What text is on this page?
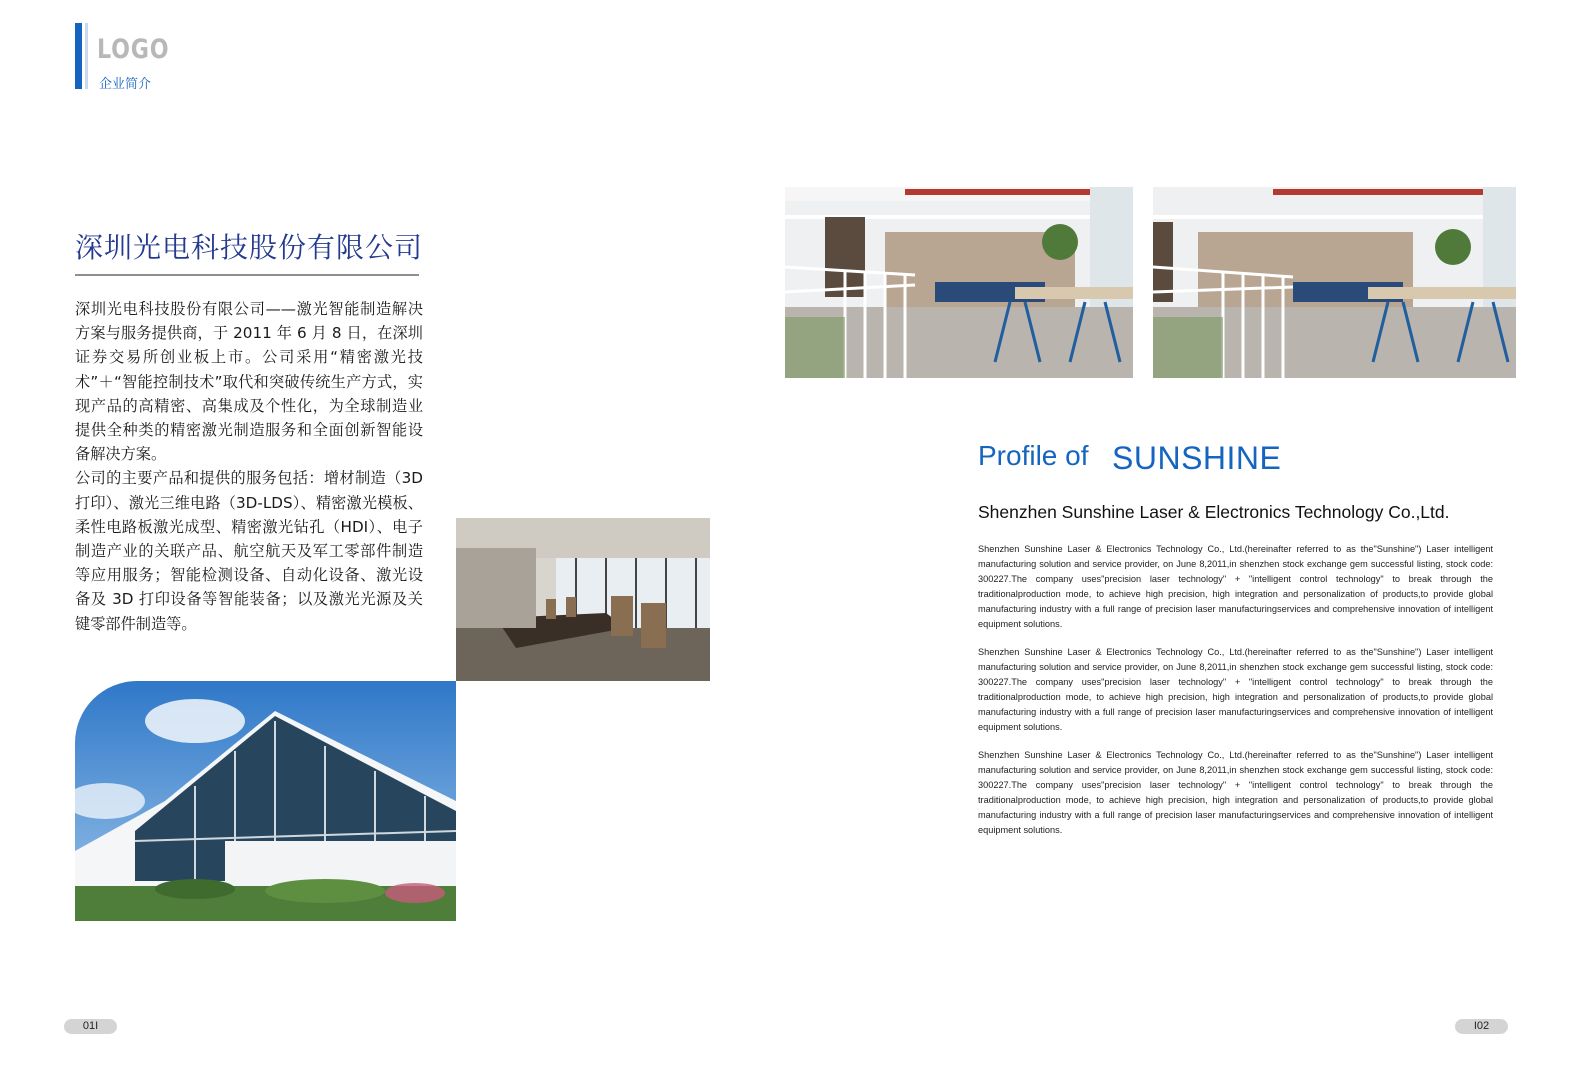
LOGO
企业简介
深圳光电科技股份有限公司

深圳光电科技股份有限公司——激光智能制造解决方案与服务提供商，于 2011 年 6 月 8 日，在深圳证券交易所创业板上市。公司采用“精密激光技术”＋“智能控制技术”取代和突破传统生产方式，实现产品的高精密、高集成及个性化，为全球制造业提供全种类的精密激光制造服务和全面创新智能设备解决方案。

公司的主要产品和提供的服务包括：增材制造（3D 打印）、激光三维电路（3D-LDS）、精密激光模板、柔性电路板激光成型、精密激光钻孔（HDI）、电子制造产业的关联产品、航空航天及军工零部件制造等应用服务；智能检测设备、自动化设备、激光设备及 3D 打印设备等智能装备；以及激光光源及关键零部件制造等。

Profile of SUNSHINE
Shenzhen Sunshine Laser & Electronics Technology Co.,Ltd.
Shenzhen Sunshine Laser & Electronics Technology Co., Ltd.(hereinafter referred to as the"Sunshine") Laser intelligent manufacturing solution and service provider, on June 8,2011,in shenzhen stock exchange gem successful listing, stock code: 300227.The company uses"precision laser technology" + "intelligent control technology" to break through the traditionalproduction mode, to achieve high precision, high integration and personalization of products,to provide global manufacturing industry with a full range of precision laser manufacturingservices and comprehensive innovation of intelligent equipment solutions.
Shenzhen Sunshine Laser & Electronics Technology Co., Ltd.(hereinafter referred to as the"Sunshine") Laser intelligent manufacturing solution and service provider, on June 8,2011,in shenzhen stock exchange gem successful listing, stock code: 300227.The company uses"precision laser technology" + "intelligent control technology" to break through the traditionalproduction mode, to achieve high precision, high integration and personalization of products,to provide global manufacturing industry with a full range of precision laser manufacturingservices and comprehensive innovation of intelligent equipment solutions.
Shenzhen Sunshine Laser & Electronics Technology Co., Ltd.(hereinafter referred to as the"Sunshine") Laser intelligent manufacturing solution and service provider, on June 8,2011,in shenzhen stock exchange gem successful listing, stock code: 300227.The company uses"precision laser technology" + "intelligent control technology" to break through the traditionalproduction mode, to achieve high precision, high integration and personalization of products,to provide global manufacturing industry with a full range of precision laser manufacturingservices and comprehensive innovation of intelligent equipment solutions.
01I	I02
